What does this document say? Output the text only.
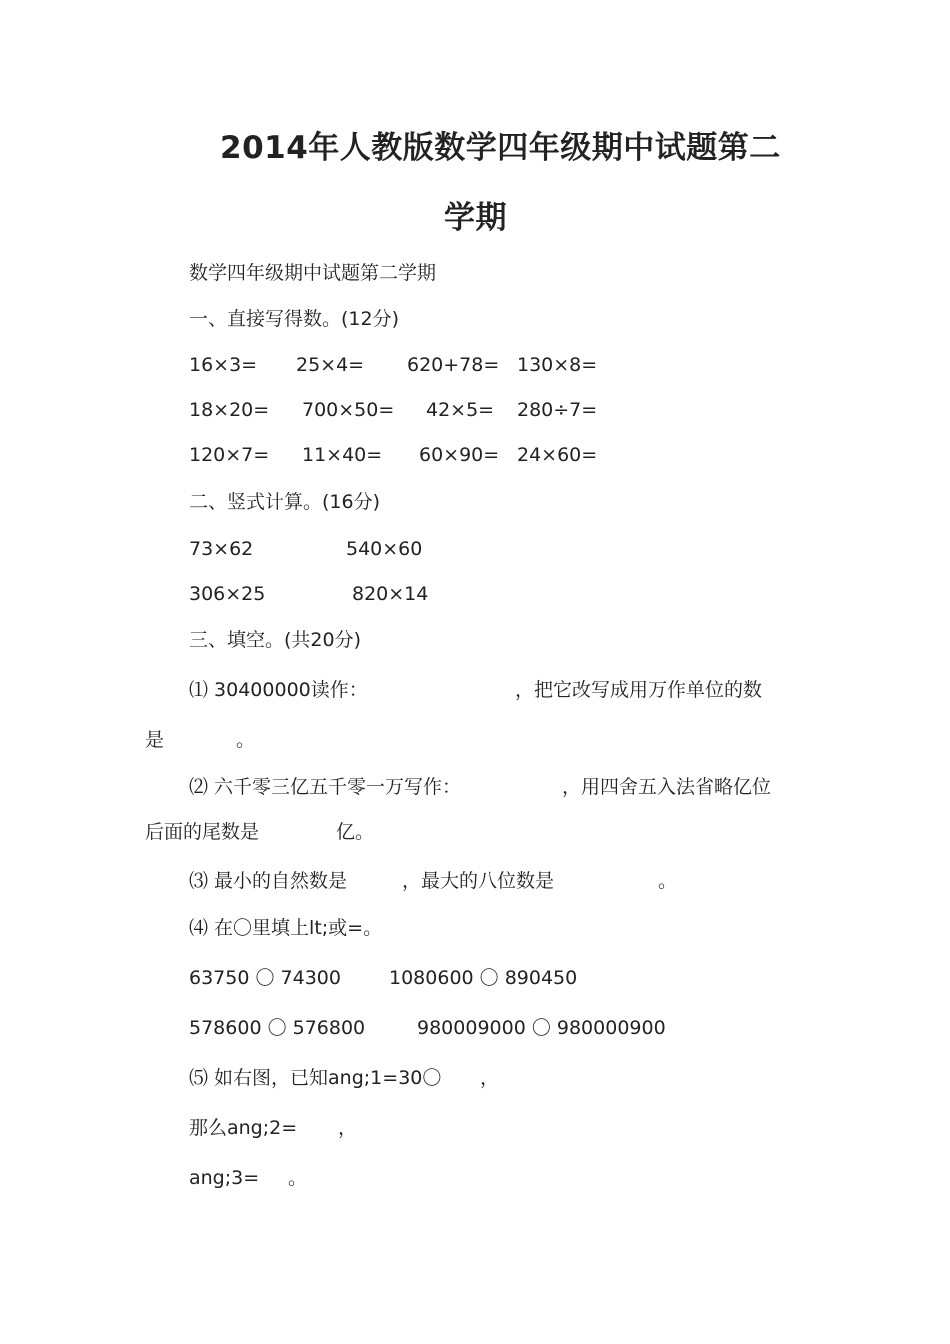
2014年人教版数学四年级期中试题第二
学期
数学四年级期中试题第二学期
一、直接写得数。(12分)
16×3= 25×4= 620+78= 130×8=
18×20= 700×50= 42×5= 280÷7=
120×7= 11×40= 60×90= 24×60=
二、竖式计算。(16分)
73×62	540×60
306×25	820×14
三、填空。(共20分)
⑴ 30400000读作：	，把它改写成用万作单位的数
是	。
⑵ 六千零三亿五千零一万写作：	，用四舍五入法省略亿位
后面的尾数是	亿。
⑶ 最小的自然数是	，最大的八位数是	。
⑷ 在〇里填上lt;或=。
63750 〇 74300	1080600 〇 890450
578600 〇 576800	980009000 〇 980000900
⑸ 如右图，已知ang;1=30〇 ，
那么ang;2= ，
ang;3= 。
